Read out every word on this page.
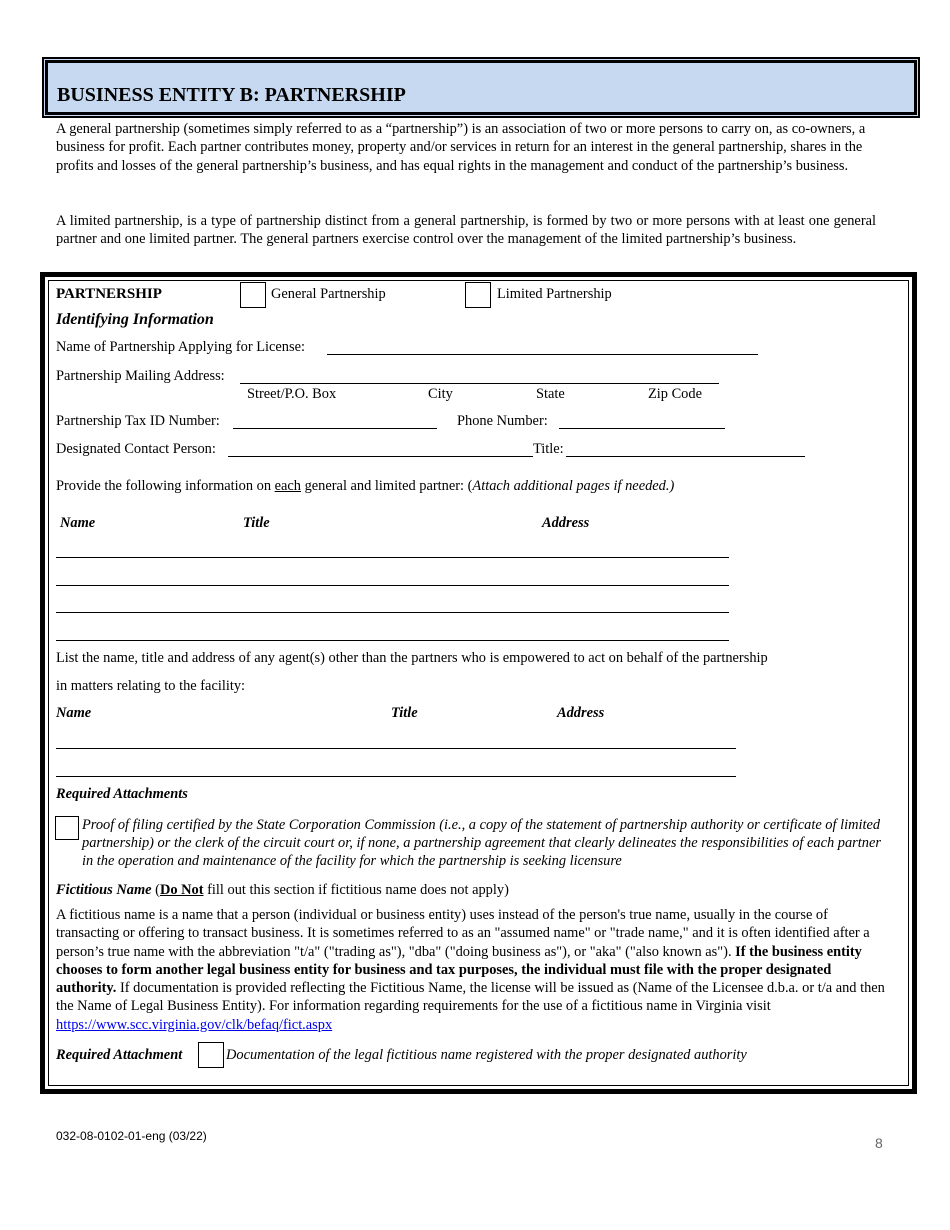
BUSINESS ENTITY B: PARTNERSHIP
A general partnership (sometimes simply referred to as a “partnership”) is an association of two or more persons to carry on, as co-owners, a business for profit. Each partner contributes money, property and/or services in return for an interest in the general partnership, shares in the profits and losses of the general partnership’s business, and has equal rights in the management and conduct of the partnership’s business.
A limited partnership, is a type of partnership distinct from a general partnership, is formed by two or more persons with at least one general partner and one limited partner. The general partners exercise control over the management of the limited partnership’s business.
PARTNERSHIP	General Partnership	Limited Partnership
Identifying Information
Name of Partnership Applying for License:
Partnership Mailing Address:
Street/P.O. Box	City	State	Zip Code
Partnership Tax ID Number:	Phone Number:
Designated Contact Person:	Title:
Provide the following information on each general and limited partner: (Attach additional pages if needed.)
Name	Title	Address
List the name, title and address of any agent(s) other than the partners who is empowered to act on behalf of the partnership
in matters relating to the facility:
Name	Title	Address
Required Attachments
Proof of filing certified by the State Corporation Commission (i.e., a copy of the statement of partnership authority or certificate of limited partnership) or the clerk of the circuit court or, if none, a partnership agreement that clearly delineates the responsibilities of each partner in the operation and maintenance of the facility for which the partnership is seeking licensure
Fictitious Name (Do Not fill out this section if fictitious name does not apply)
A fictitious name is a name that a person (individual or business entity) uses instead of the person's true name, usually in the course of transacting or offering to transact business. It is sometimes referred to as an "assumed name" or "trade name," and it is often identified after a person’s true name with the abbreviation "t/a" ("trading as"), "dba" ("doing business as"), or "aka" ("also known as"). If the business entity chooses to form another legal business entity for business and tax purposes, the individual must file with the proper designated authority. If documentation is provided reflecting the Fictitious Name, the license will be issued as (Name of the Licensee d.b.a. or t/a and then the Name of Legal Business Entity). For information regarding requirements for the use of a fictitious name in Virginia visit https://www.scc.virginia.gov/clk/befaq/fict.aspx
Required Attachment	Documentation of the legal fictitious name registered with the proper designated authority
032-08-0102-01-eng (03/22)	8
